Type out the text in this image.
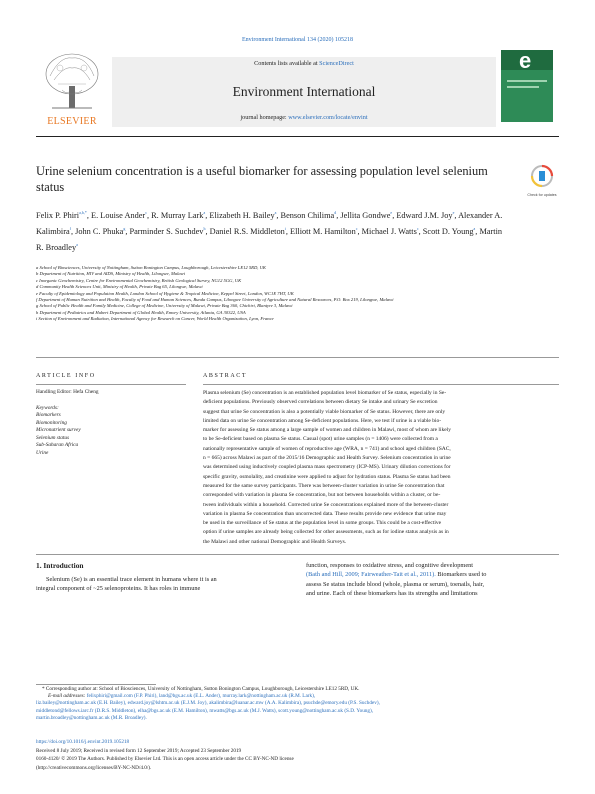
Environment International 134 (2020) 105218
ELSEVIER
Contents lists available at ScienceDirect
Environment International
journal homepage: www.elsevier.com/locate/envint
e
Urine selenium concentration is a useful biomarker for assessing population level selenium status
Check for updates
Felix P. Phiri$^{a,b,*}$, E. Louise Ander$^c$, R. Murray Lark$^a$, Elizabeth H. Bailey$^a$, Benson Chilima$^d$, Jellita Gondwe$^e$, Edward J.M. Joy$^e$, Alexander A. Kalimbira$^f$, John C. Phuka$^g$, Parminder S. Suchdev$^h$, Daniel R.S. Middleton$^i$, Elliott M. Hamilton$^c$, Michael J. Watts$^c$, Scott D. Young$^a$, Martin R. Broadley$^a$
a School of Biosciences, University of Nottingham, Sutton Bonington Campus, Loughborough, Leicestershire LE12 5RD, UK
b Department of Nutrition, HIV and AIDS, Ministry of Health, Lilongwe, Malawi
c Inorganic Geochemistry, Centre for Environmental Geochemistry, British Geological Survey, NG12 5GG, UK
d Community Health Sciences Unit, Ministry of Health, Private Bag 65, Lilongwe, Malawi
e Faculty of Epidemiology and Population Health, London School of Hygiene & Tropical Medicine, Keppel Street, London, WC1E 7HT, UK
f Department of Human Nutrition and Health, Faculty of Food and Human Sciences, Bunda Campus, Lilongwe University of Agriculture and Natural Resources, P.O. Box 219, Lilongwe, Malawi
g School of Public Health and Family Medicine, College of Medicine, University of Malawi, Private Bag 360, Chichiri, Blantyre 3, Malawi
h Department of Pediatrics and Hubert Department of Global Health, Emory University, Atlanta, GA 30322, USA
i Section of Environment and Radiation, International Agency for Research on Cancer, World Health Organization, Lyon, France
ARTICLE INFO
Handling Editor: Hefa Cheng
Keywords:
Biomarkers
Biomonitoring
Micronutrient survey
Selenium status
Sub-Saharan Africa
Urine
ABSTRACT
Plasma selenium (Se) concentration is an established population level biomarker of Se status, especially in Se-
deficient populations. Previously observed correlations between dietary Se intake and urinary Se excretion
suggest that urine Se concentration is also a potentially viable biomarker of Se status. However, there are only
limited data on urine Se concentration among Se-deficient populations. Here, we test if urine is a viable bio-
marker for assessing Se status among a large sample of women and children in Malawi, most of whom are likely
to be Se-deficient based on plasma Se status. Casual (spot) urine samples (n = 1406) were collected from a
nationally representative sample of women of reproductive age (WRA, n = 741) and school aged children (SAC,
n = 665) across Malawi as part of the 2015/16 Demographic and Health Survey. Selenium concentration in urine
was determined using inductively coupled plasma mass spectrometry (ICP-MS). Urinary dilution corrections for
specific gravity, osmolality, and creatinine were applied to adjust for hydration status. Plasma Se status had been
measured for the same survey participants. There was between-cluster variation in urine Se concentration that
corresponded with variation in plasma Se concentration, but not between households within a cluster, or be-
tween individuals within a household. Corrected urine Se concentrations explained more of the between-cluster
variation in plasma Se concentration than uncorrected data. These results provide new evidence that urine may
be used in the surveillance of Se status at the population level in some groups. This could be a cost-effective
option if urine samples are already being collected for other assessments, such as for iodine status analysis as in
the Malawi and other national Demographic and Health Surveys.
1. Introduction
Selenium (Se) is an essential trace element in humans where it is an
integral component of ~25 selenoproteins. It has roles in immune
function, responses to oxidative stress, and cognitive development
(Bath and Hill, 2009; Fairweather-Tait et al., 2011). Biomarkers used to
assess Se status include blood (whole, plasma or serum), toenails, hair,
and urine. Each of these biomarkers has its strengths and limitations
* Corresponding author at: School of Biosciences, University of Nottingham, Sutton Bonington Campus, Loughborough, Leicestershire LE12 5RD, UK.
E-mail addresses: felixphiri@gmail.com (F.P. Phiri), land@bgs.ac.uk (E.L. Ander), murray.lark@nottingham.ac.uk (R.M. Lark),
liz.bailey@nottingham.ac.uk (E.H. Bailey), edward.joy@lshtm.ac.uk (E.J.M. Joy), akalimbira@luanar.ac.mw (A.A. Kalimbira), psuchde@emory.edu (P.S. Suchdev),
middletond@fellows.iarc.fr (D.R.S. Middleton), elha@bgs.ac.uk (E.M. Hamilton), mwatts@bgs.ac.uk (M.J. Watts), scott.young@nottingham.ac.uk (S.D. Young),
martin.broadley@nottingham.ac.uk (M.R. Broadley).
https://doi.org/10.1016/j.envint.2019.105218
Received 8 July 2019; Received in revised form 12 September 2019; Accepted 23 September 2019
0160-4120/ © 2019 The Authors. Published by Elsevier Ltd. This is an open access article under the CC BY-NC-ND license
(http://creativecommons.org/licenses/BY-NC-ND/4.0/).
